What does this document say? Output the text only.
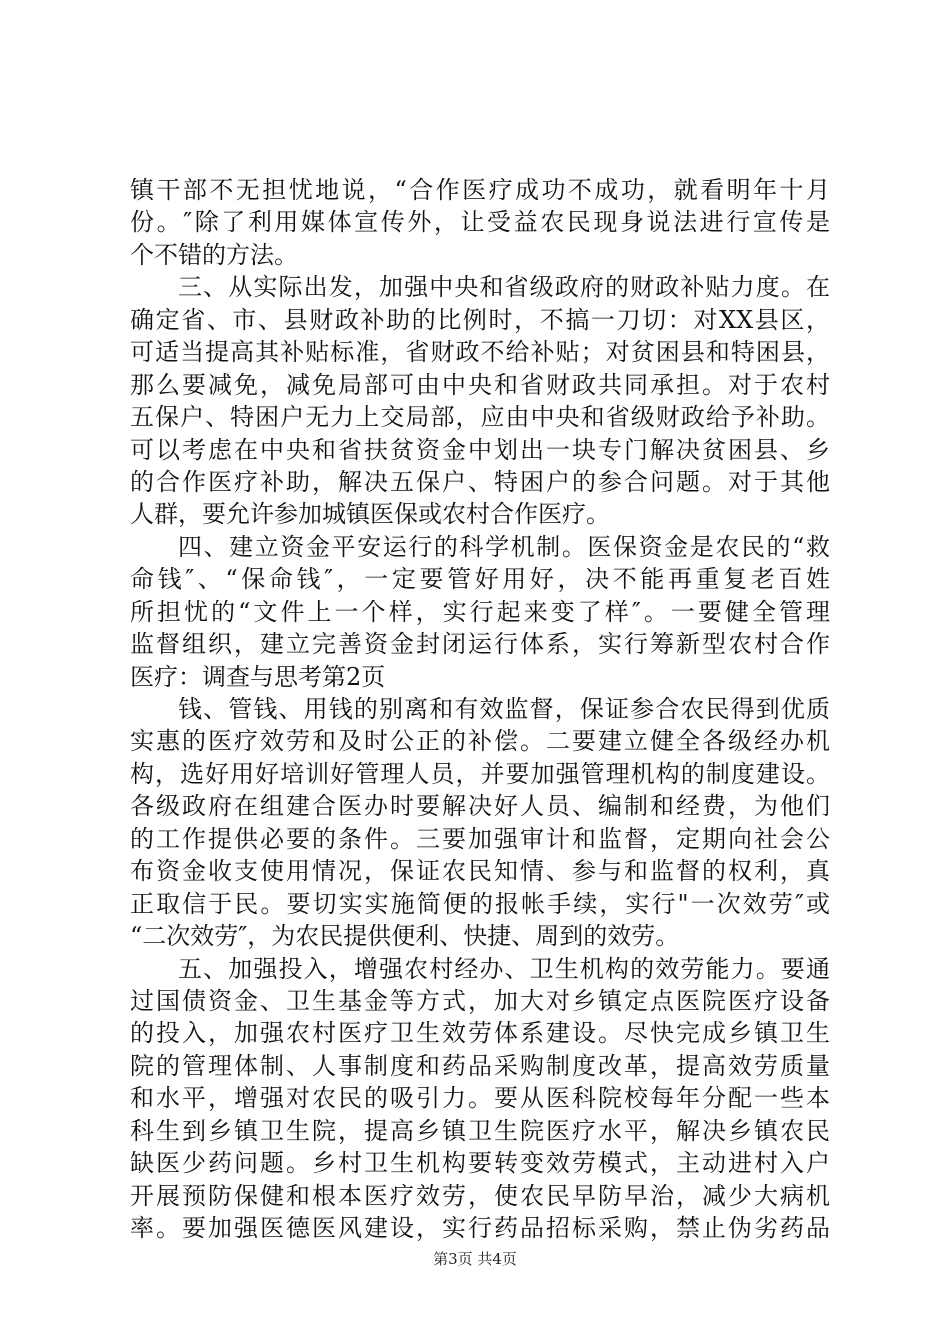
镇干部不无担忧地说，“合作医疗成功不成功，就看明年十月
份。″除了利用媒体宣传外，让受益农民现身说法进行宣传是
个不错的方法。
三、从实际出发，加强中央和省级政府的财政补贴力度。在
确定省、市、县财政补助的比例时，不搞一刀切：对XX县区，
可适当提高其补贴标准，省财政不给补贴；对贫困县和特困县，
那么要减免，减免局部可由中央和省财政共同承担。对于农村
五保户、特困户无力上交局部，应由中央和省级财政给予补助。
可以考虑在中央和省扶贫资金中划出一块专门解决贫困县、乡
的合作医疗补助，解决五保户、特困户的参合问题。对于其他
人群，要允许参加城镇医保或农村合作医疗。
四、建立资金平安运行的科学机制。医保资金是农民的“救
命钱″、“保命钱″，一定要管好用好，决不能再重复老百姓
所担忧的“文件上一个样，实行起来变了样″。一要健全管理
监督组织，建立完善资金封闭运行体系，实行筹新型农村合作
医疗：调查与思考第2页
钱、管钱、用钱的别离和有效监督，保证参合农民得到优质
实惠的医疗效劳和及时公正的补偿。二要建立健全各级经办机
构，选好用好培训好管理人员，并要加强管理机构的制度建设。
各级政府在组建合医办时要解决好人员、编制和经费，为他们
的工作提供必要的条件。三要加强审计和监督，定期向社会公
布资金收支使用情况，保证农民知情、参与和监督的权利，真
正取信于民。要切实实施简便的报帐手续，实行"一次效劳″或
“二次效劳″，为农民提供便利、快捷、周到的效劳。
五、加强投入，增强农村经办、卫生机构的效劳能力。要通
过国债资金、卫生基金等方式，加大对乡镇定点医院医疗设备
的投入，加强农村医疗卫生效劳体系建设。尽快完成乡镇卫生
院的管理体制、人事制度和药品采购制度改革，提高效劳质量
和水平，增强对农民的吸引力。要从医科院校每年分配一些本
科生到乡镇卫生院，提高乡镇卫生院医疗水平，解决乡镇农民
缺医少药问题。乡村卫生机构要转变效劳模式，主动进村入户
开展预防保健和根本医疗效劳，使农民早防早治，减少大病机
率。要加强医德医风建设，实行药品招标采购，禁止伪劣药品
第3页 共4页
